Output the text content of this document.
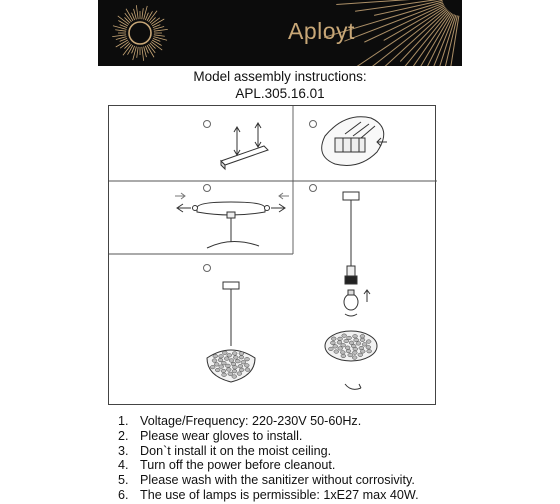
Aployt
Model assembly instructions:
APL.305.16.01
1. Voltage/Frequency: 220-230V 50-60Hz.
2. Please wear gloves to install.
3. Don`t install it on the moist ceiling.
4. Turn off the power before cleanout.
5. Please wash with the sanitizer without corrosivity.
6. The use of lamps is permissible: 1xE27 max 40W.
